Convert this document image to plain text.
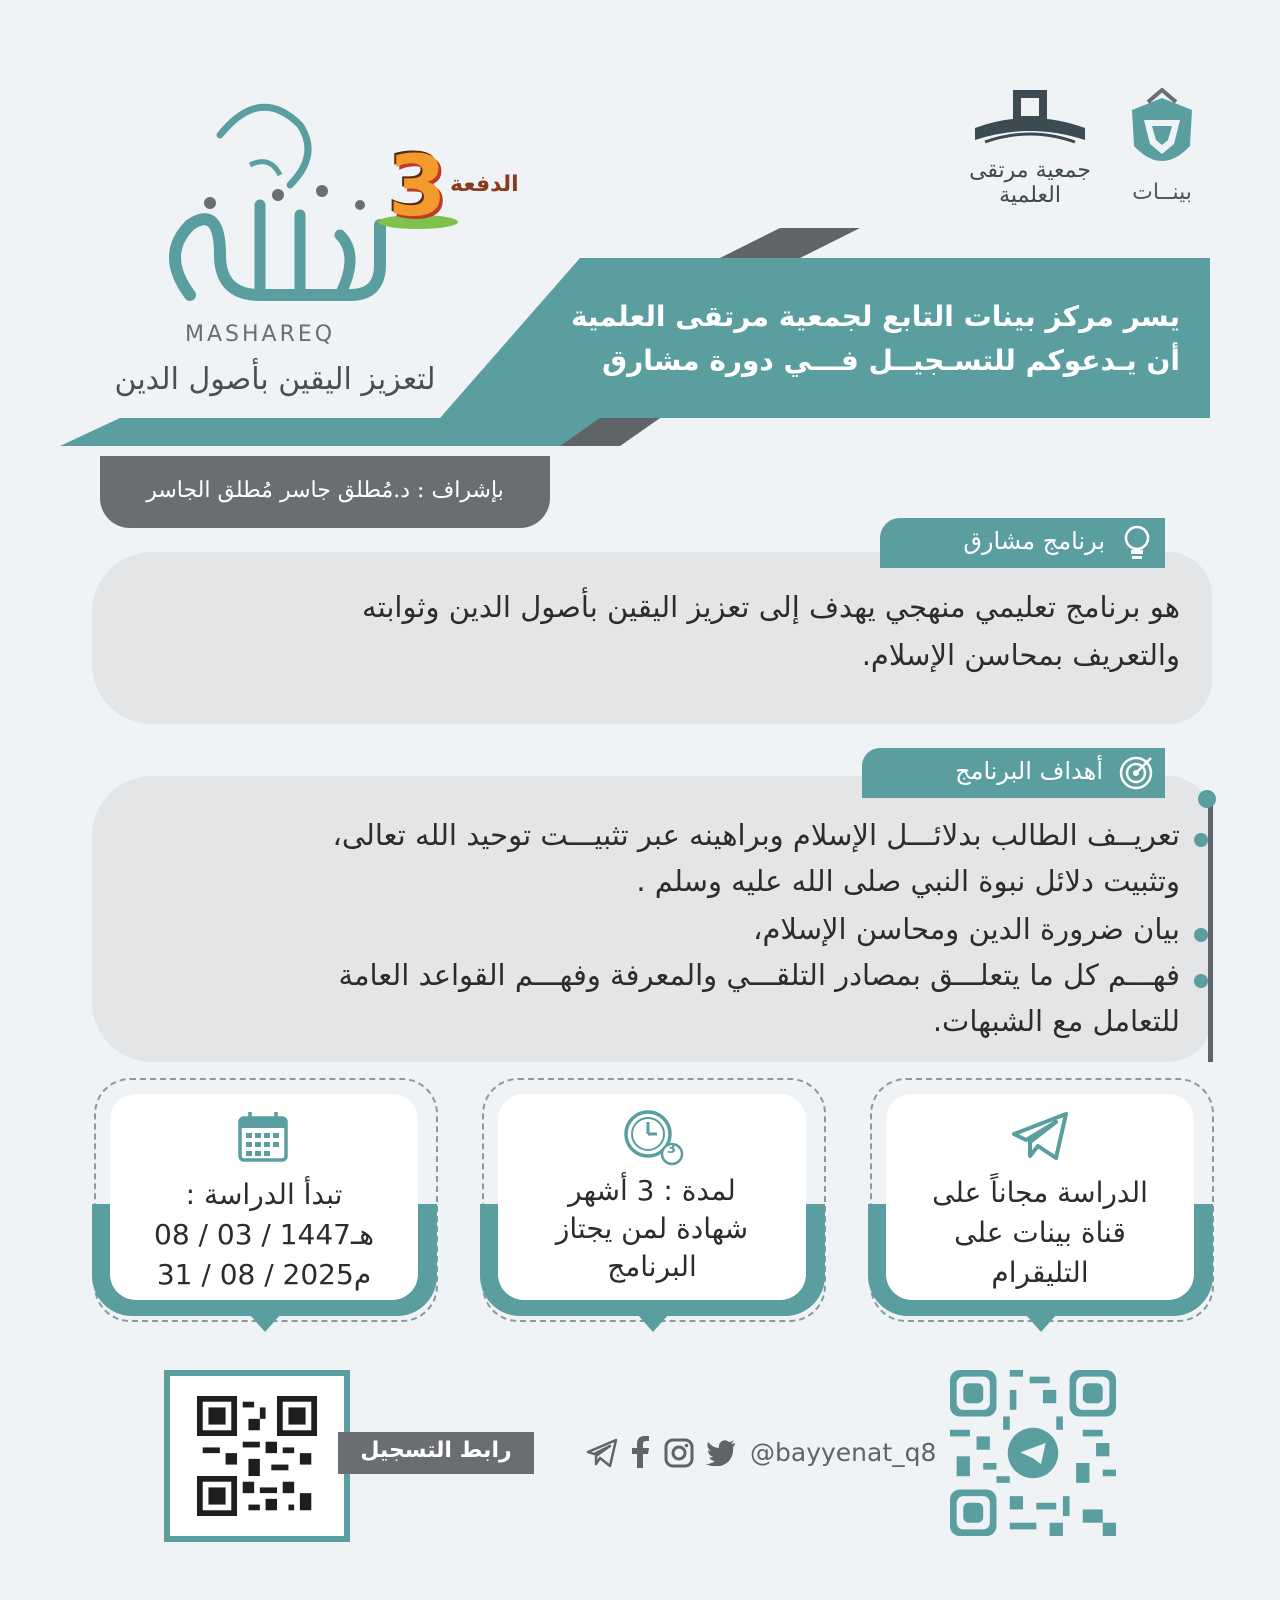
بينــات
جمعية مرتقى العلمية
MASHAREQ
الدفعة
3
لتعزيز اليقين بأصول الدين
يسر مركز بينات التابع لجمعية مرتقى العلمية
أن يـدعوكم للتسـجيــل فـــي دورة مشارق
بإشراف : د.مُطلق جاسر مُطلق الجاسر
برنامج مشارق
هو برنامج تعليمي منهجي يهدف إلى تعزيز اليقين بأصول الدين وثوابته
والتعريف بمحاسن الإسلام.
أهداف البرنامج
تعريــف الطالب بدلائـــل الإسلام وبراهينه عبر تثبيـــت توحيد الله تعالى،
وتثبيت دلائل نبوة النبي صلى الله عليه وسلم .
بيان ضرورة الدين ومحاسن الإسلام،
فهـــم كل ما يتعلـــق بمصادر التلقـــي والمعرفة وفهـــم القواعد العامة
للتعامل مع الشبهات.
الدراسة مجاناً على
قناة بينات على
التليقرام
3
لمدة : 3 أشهر
شهادة لمن يجتاز
البرنامج
تبدأ الدراسة :
08 / 03 / 1447هـ
31 / 08 / 2025م
رابط التسجيل	@bayyenat_q8
